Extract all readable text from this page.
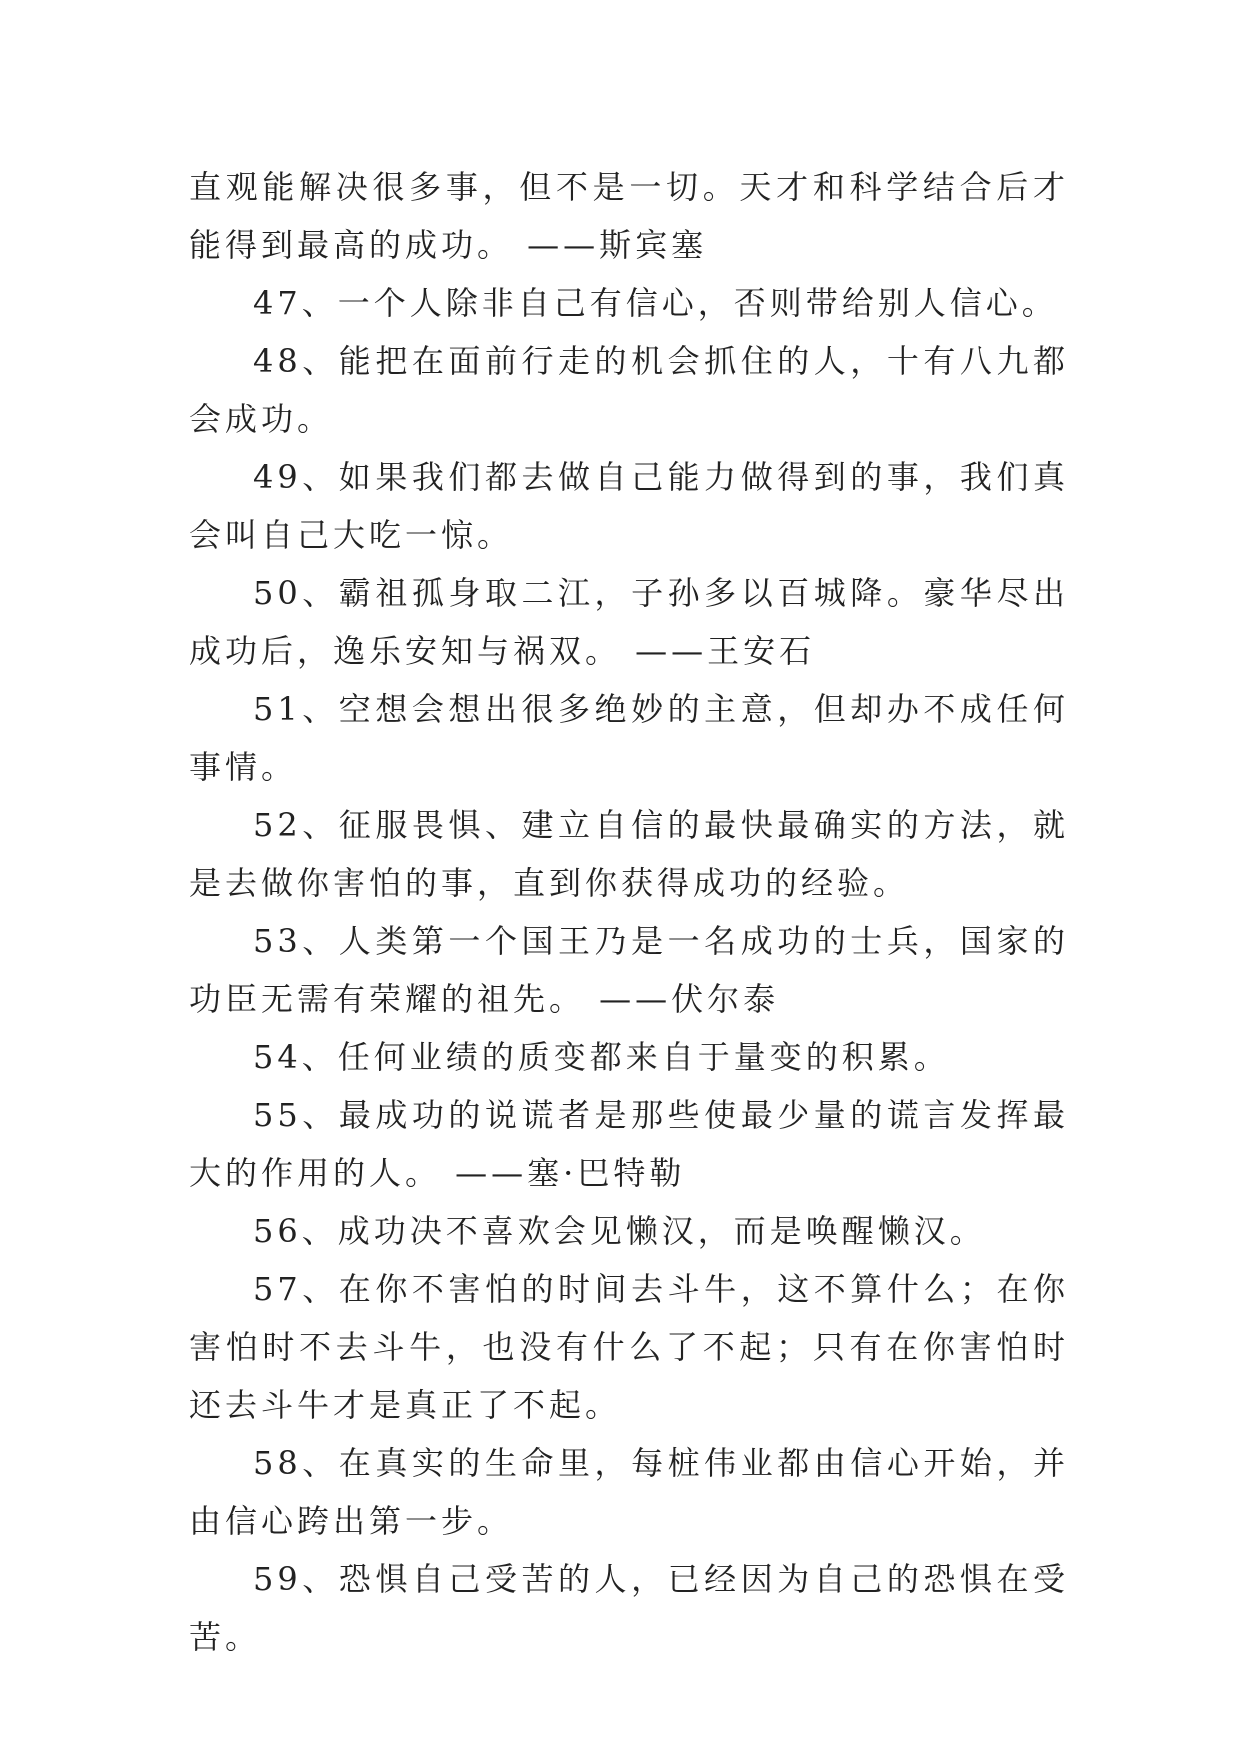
直观能解决很多事，但不是一切。天才和科学结合后才能得到最高的成功。 ——斯宾塞

47、一个人除非自己有信心，否则带给别人信心。

48、能把在面前行走的机会抓住的人，十有八九都会成功。

49、如果我们都去做自己能力做得到的事，我们真会叫自己大吃一惊。

50、霸祖孤身取二江，子孙多以百城降。豪华尽出成功后，逸乐安知与祸双。 ——王安石

51、空想会想出很多绝妙的主意，但却办不成任何事情。

52、征服畏惧、建立自信的最快最确实的方法，就是去做你害怕的事，直到你获得成功的经验。

53、人类第一个国王乃是一名成功的士兵，国家的功臣无需有荣耀的祖先。 ——伏尔泰

54、任何业绩的质变都来自于量变的积累。

55、最成功的说谎者是那些使最少量的谎言发挥最大的作用的人。 ——塞·巴特勒

56、成功决不喜欢会见懒汉，而是唤醒懒汉。

57、在你不害怕的时间去斗牛，这不算什么；在你害怕时不去斗牛，也没有什么了不起；只有在你害怕时还去斗牛才是真正了不起。

58、在真实的生命里，每桩伟业都由信心开始，并由信心跨出第一步。

59、恐惧自己受苦的人，已经因为自己的恐惧在受苦。
